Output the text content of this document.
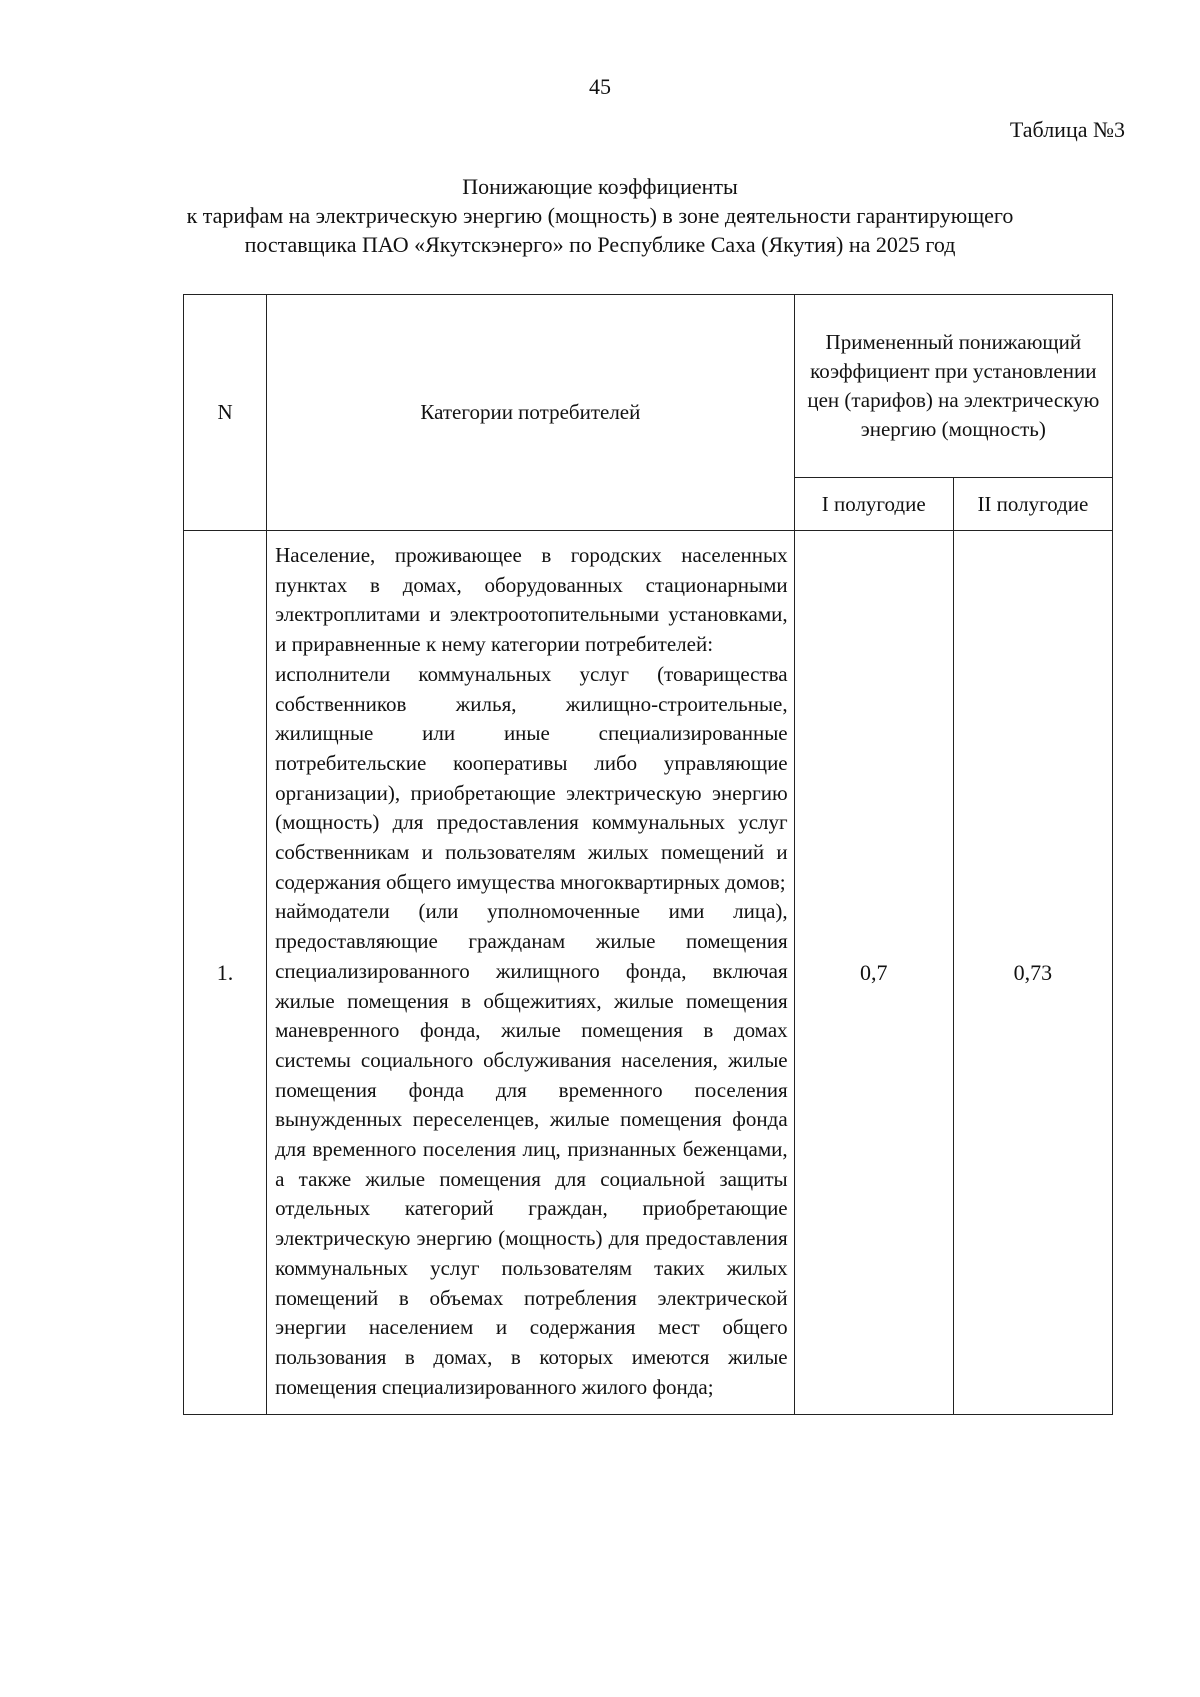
45
Таблица №3
Понижающие коэффициенты
к тарифам на электрическую энергию (мощность) в зоне деятельности гарантирующего
поставщика ПАО «Якутскэнерго» по Республике Саха (Якутия) на 2025 год
N	Категории потребителей	Примененный понижающий коэффициент при установлении цен (тарифов) на электрическую энергию (мощность)	
		I полугодие	II полугодие
1.	Население, проживающее в городских населенных пунктах в домах, оборудованных стационарными электроплитами и электроотопительными установками, и приравненные к нему категории потребителей:

исполнители коммунальных услуг (товарищества собственников жилья, жилищно-строительные, жилищные или иные специализированные потребительские кооперативы либо управляющие организации), приобретающие электрическую энергию (мощность) для предоставления коммунальных услуг собственникам и пользователям жилых помещений и содержания общего имущества многоквартирных домов;

наймодатели (или уполномоченные ими лица), предоставляющие гражданам жилые помещения специализированного жилищного фонда, включая жилые помещения в общежитиях, жилые помещения маневренного фонда, жилые помещения в домах системы социального обслуживания населения, жилые помещения фонда для временного поселения вынужденных переселенцев, жилые помещения фонда для временного поселения лиц, признанных беженцами, а также жилые помещения для социальной защиты отдельных категорий граждан, приобретающие электрическую энергию (мощность) для предоставления коммунальных услуг пользователям таких жилых помещений в объемах потребления электрической энергии населением и содержания мест общего пользования в домах, в которых имеются жилые помещения специализированного жилого фонда;	0,7	0,73
